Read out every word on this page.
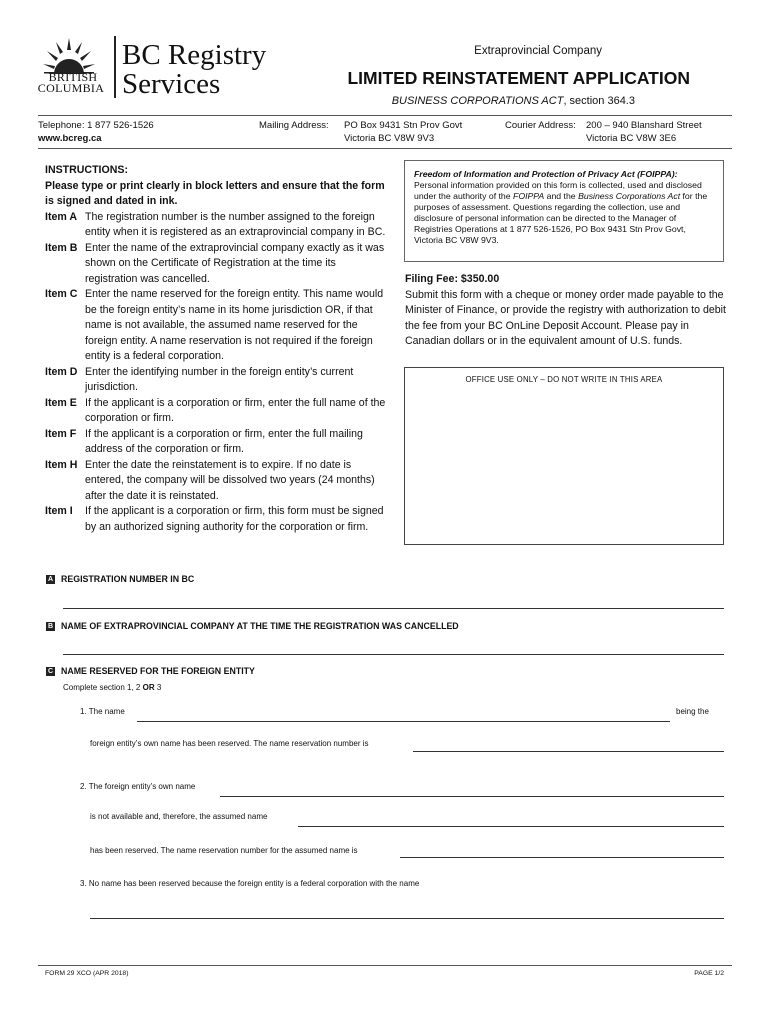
BRITISH
COLUMBIA
BC Registry
Services
Extraprovincial Company
LIMITED REINSTATEMENT APPLICATION
BUSINESS CORPORATIONS ACT, section 364.3
Telephone: 1 877 526-1526
www.bcreg.ca
Mailing Address: PO Box 9431 Stn Prov Govt
Victoria BC V8W 9V3
Courier Address: 200 – 940 Blanshard Street
Victoria BC V8W 3E6
INSTRUCTIONS:
Please type or print clearly in block letters and ensure that the form is signed and dated in ink.
Item A The registration number is the number assigned to the foreign entity when it is registered as an extraprovincial company in BC.
Item B Enter the name of the extraprovincial company exactly as it was shown on the Certificate of Registration at the time its registration was cancelled.
Item C Enter the name reserved for the foreign entity. This name would be the foreign entity’s name in its home jurisdiction OR, if that name is not available, the assumed name reserved for the foreign entity. A name reservation is not required if the foreign entity is a federal corporation.
Item D Enter the identifying number in the foreign entity’s current jurisdiction.
Item E If the applicant is a corporation or firm, enter the full name of the corporation or firm.
Item F If the applicant is a corporation or firm, enter the full mailing address of the corporation or firm.
Item H Enter the date the reinstatement is to expire. If no date is entered, the company will be dissolved two years (24 months) after the date it is reinstated.
Item I	If the applicant is a corporation or firm, this form must be signed by an authorized signing authority for the corporation or firm.
Freedom of Information and Protection of Privacy Act (FOIPPA):
Personal information provided on this form is collected, used and disclosed under the authority of the FOIPPA and the Business Corporations Act for the purposes of assessment. Questions regarding the collection, use and disclosure of personal information can be directed to the Manager of Registries Operations at 1 877 526-1526, PO Box 9431 Stn Prov Govt, Victoria BC V8W 9V3.
Filing Fee: $350.00
Submit this form with a cheque or money order made payable to the Minister of Finance, or provide the registry with authorization to debit the fee from your BC OnLine Deposit Account. Please pay in Canadian dollars or in the equivalent amount of U.S. funds.
OFFICE USE ONLY – DO NOT WRITE IN THIS AREA
A REGISTRATION NUMBER IN BC
B NAME OF EXTRAPROVINCIAL COMPANY AT THE TIME THE REGISTRATION WAS CANCELLED
C NAME RESERVED FOR THE FOREIGN ENTITY
Complete section 1, 2 OR 3
1. The name	being the
foreign entity’s own name has been reserved. The name reservation number is
2. The foreign entity’s own name
is not available and, therefore, the assumed name
has been reserved. The name reservation number for the assumed name is
3. No name has been reserved because the foreign entity is a federal corporation with the name
FORM 29 XCO (APR 2018)	PAGE 1/2
